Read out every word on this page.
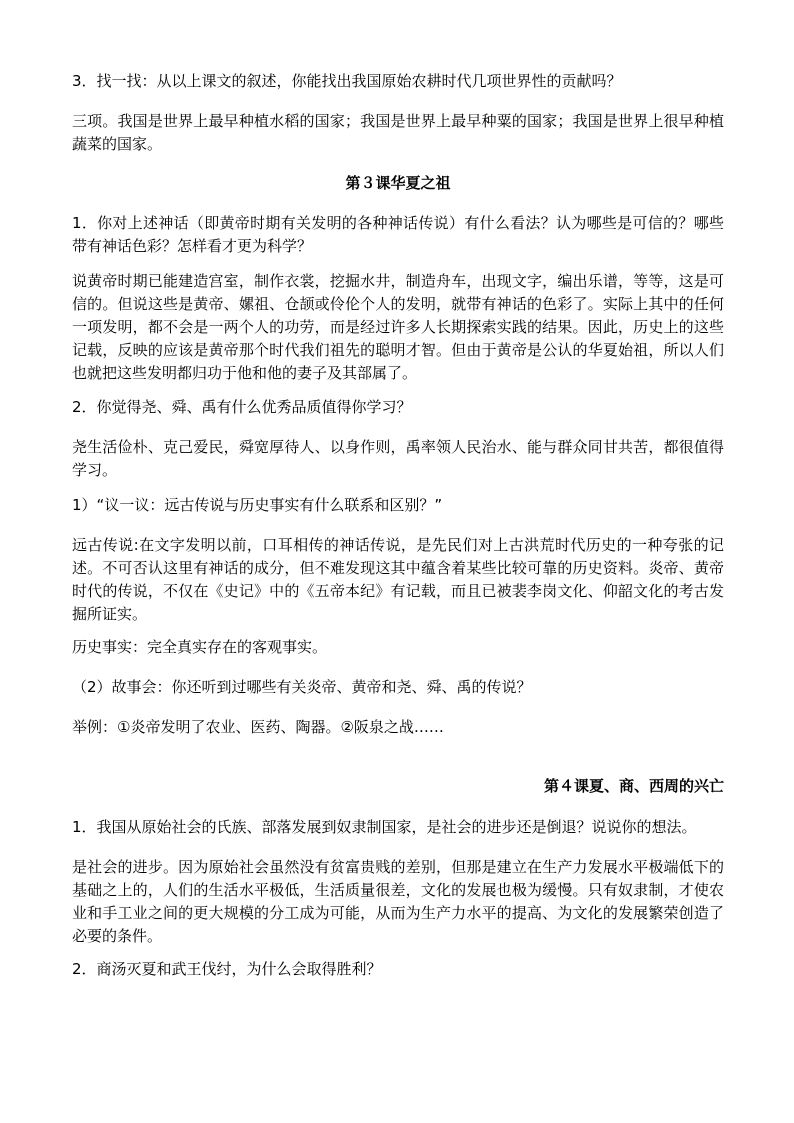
3．找一找：从以上课文的叙述，你能找出我国原始农耕时代几项世界性的贡献吗？

三项。我国是世界上最早种植水稻的国家；我国是世界上最早种粟的国家；我国是世界上很早种植蔬菜的国家。

第３课华夏之祖

1．你对上述神话（即黄帝时期有关发明的各种神话传说）有什么看法？认为哪些是可信的？哪些带有神话色彩？怎样看才更为科学？

说黄帝时期已能建造宫室，制作衣裳，挖掘水井，制造舟车，出现文字，编出乐谱，等等，这是可信的。但说这些是黄帝、嫘祖、仓颉或伶伦个人的发明，就带有神话的色彩了。实际上其中的任何一项发明，都不会是一两个人的功劳，而是经过许多人长期探索实践的结果。因此，历史上的这些记载，反映的应该是黄帝那个时代我们祖先的聪明才智。但由于黄帝是公认的华夏始祖，所以人们也就把这些发明都归功于他和他的妻子及其部属了。

2．你觉得尧、舜、禹有什么优秀品质值得你学习？

尧生活俭朴、克己爱民，舜宽厚待人、以身作则，禹率领人民治水、能与群众同甘共苦，都很值得学习。

1）“议一议：远古传说与历史事实有什么联系和区别？”

远古传说:在文字发明以前，口耳相传的神话传说，是先民们对上古洪荒时代历史的一种夸张的记述。不可否认这里有神话的成分，但不难发现这其中蕴含着某些比较可靠的历史资料。炎帝、黄帝时代的传说，不仅在《史记》中的《五帝本纪》有记载，而且已被裴李岗文化、仰韶文化的考古发掘所证实。

历史事实：完全真实存在的客观事实。

（2）故事会：你还听到过哪些有关炎帝、黄帝和尧、舜、禹的传说？

举例：①炎帝发明了农业、医药、陶器。②阪泉之战……

第４课夏、商、西周的兴亡

1．我国从原始社会的氏族、部落发展到奴隶制国家，是社会的进步还是倒退？说说你的想法。

是社会的进步。因为原始社会虽然没有贫富贵贱的差别，但那是建立在生产力发展水平极端低下的基础之上的，人们的生活水平极低，生活质量很差，文化的发展也极为缓慢。只有奴隶制，才使农业和手工业之间的更大规模的分工成为可能，从而为生产力水平的提高、为文化的发展繁荣创造了必要的条件。

2．商汤灭夏和武王伐纣，为什么会取得胜利？
